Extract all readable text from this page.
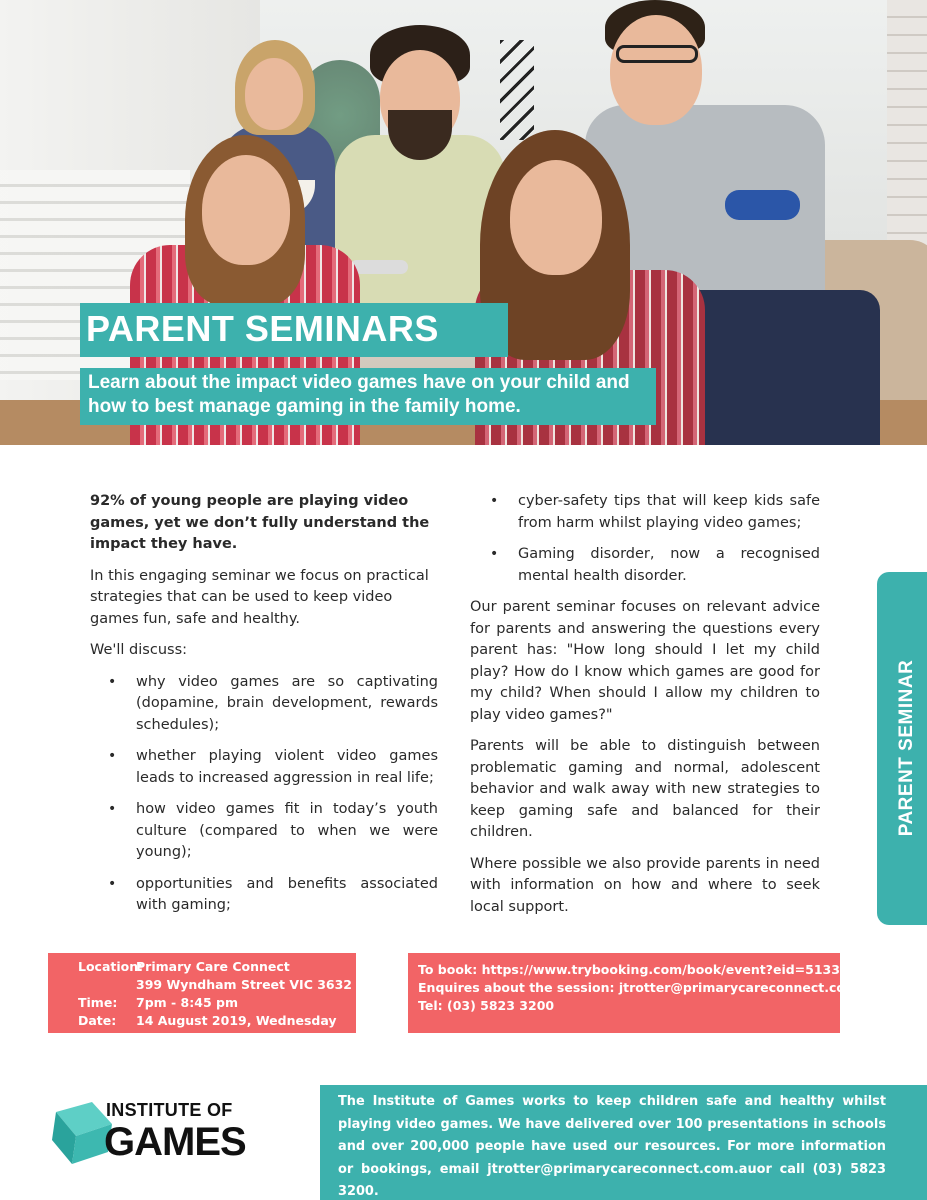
PARENT SEMINARS
Learn about the impact video games have on your child and how to best manage gaming in the family home.

92% of young people are playing video games, yet we don’t fully understand the impact they have.

In this engaging seminar we focus on practical strategies that can be used to keep video games fun, safe and healthy.

We'll discuss:

• why video games are so captivating (dopamine, brain development, rewards schedules);
• whether playing violent video games leads to increased aggression in real life;
• how video games fit in today’s youth culture (compared to when we were young);
• opportunities and benefits associated with gaming;
• cyber-safety tips that will keep kids safe from harm whilst playing video games;
• Gaming disorder, now a recognised mental health disorder.

Our parent seminar focuses on relevant advice for parents and answering the questions every parent has: "How long should I let my child play? How do I know which games are good for my child? When should I allow my children to play video games?"

Parents will be able to distinguish between problematic gaming and normal, adolescent behavior and walk away with new strategies to keep gaming safe and balanced for their children.

Where possible we also provide parents in need with information on how and where to seek local support.

PARENT SEMINAR
Location:Primary Care Connect
399 Wyndham Street VIC 3632
Time: 7pm - 8:45 pm
Date: 14 August 2019, Wednesday
To book: https://www.trybooking.com/book/event?eid=513327&
Enquires about the session: jtrotter@primarycareconnect.com.au
Tel: (03) 5823 3200
INSTITUTE OF
GAMES
The Institute of Games works to keep children safe and healthy whilst playing video games. We have delivered over 100 presentations in schools and over 200,000 people have used our resources. For more information or bookings, email jtrotter@primarycareconnect.com.auor call (03) 5823 3200.
